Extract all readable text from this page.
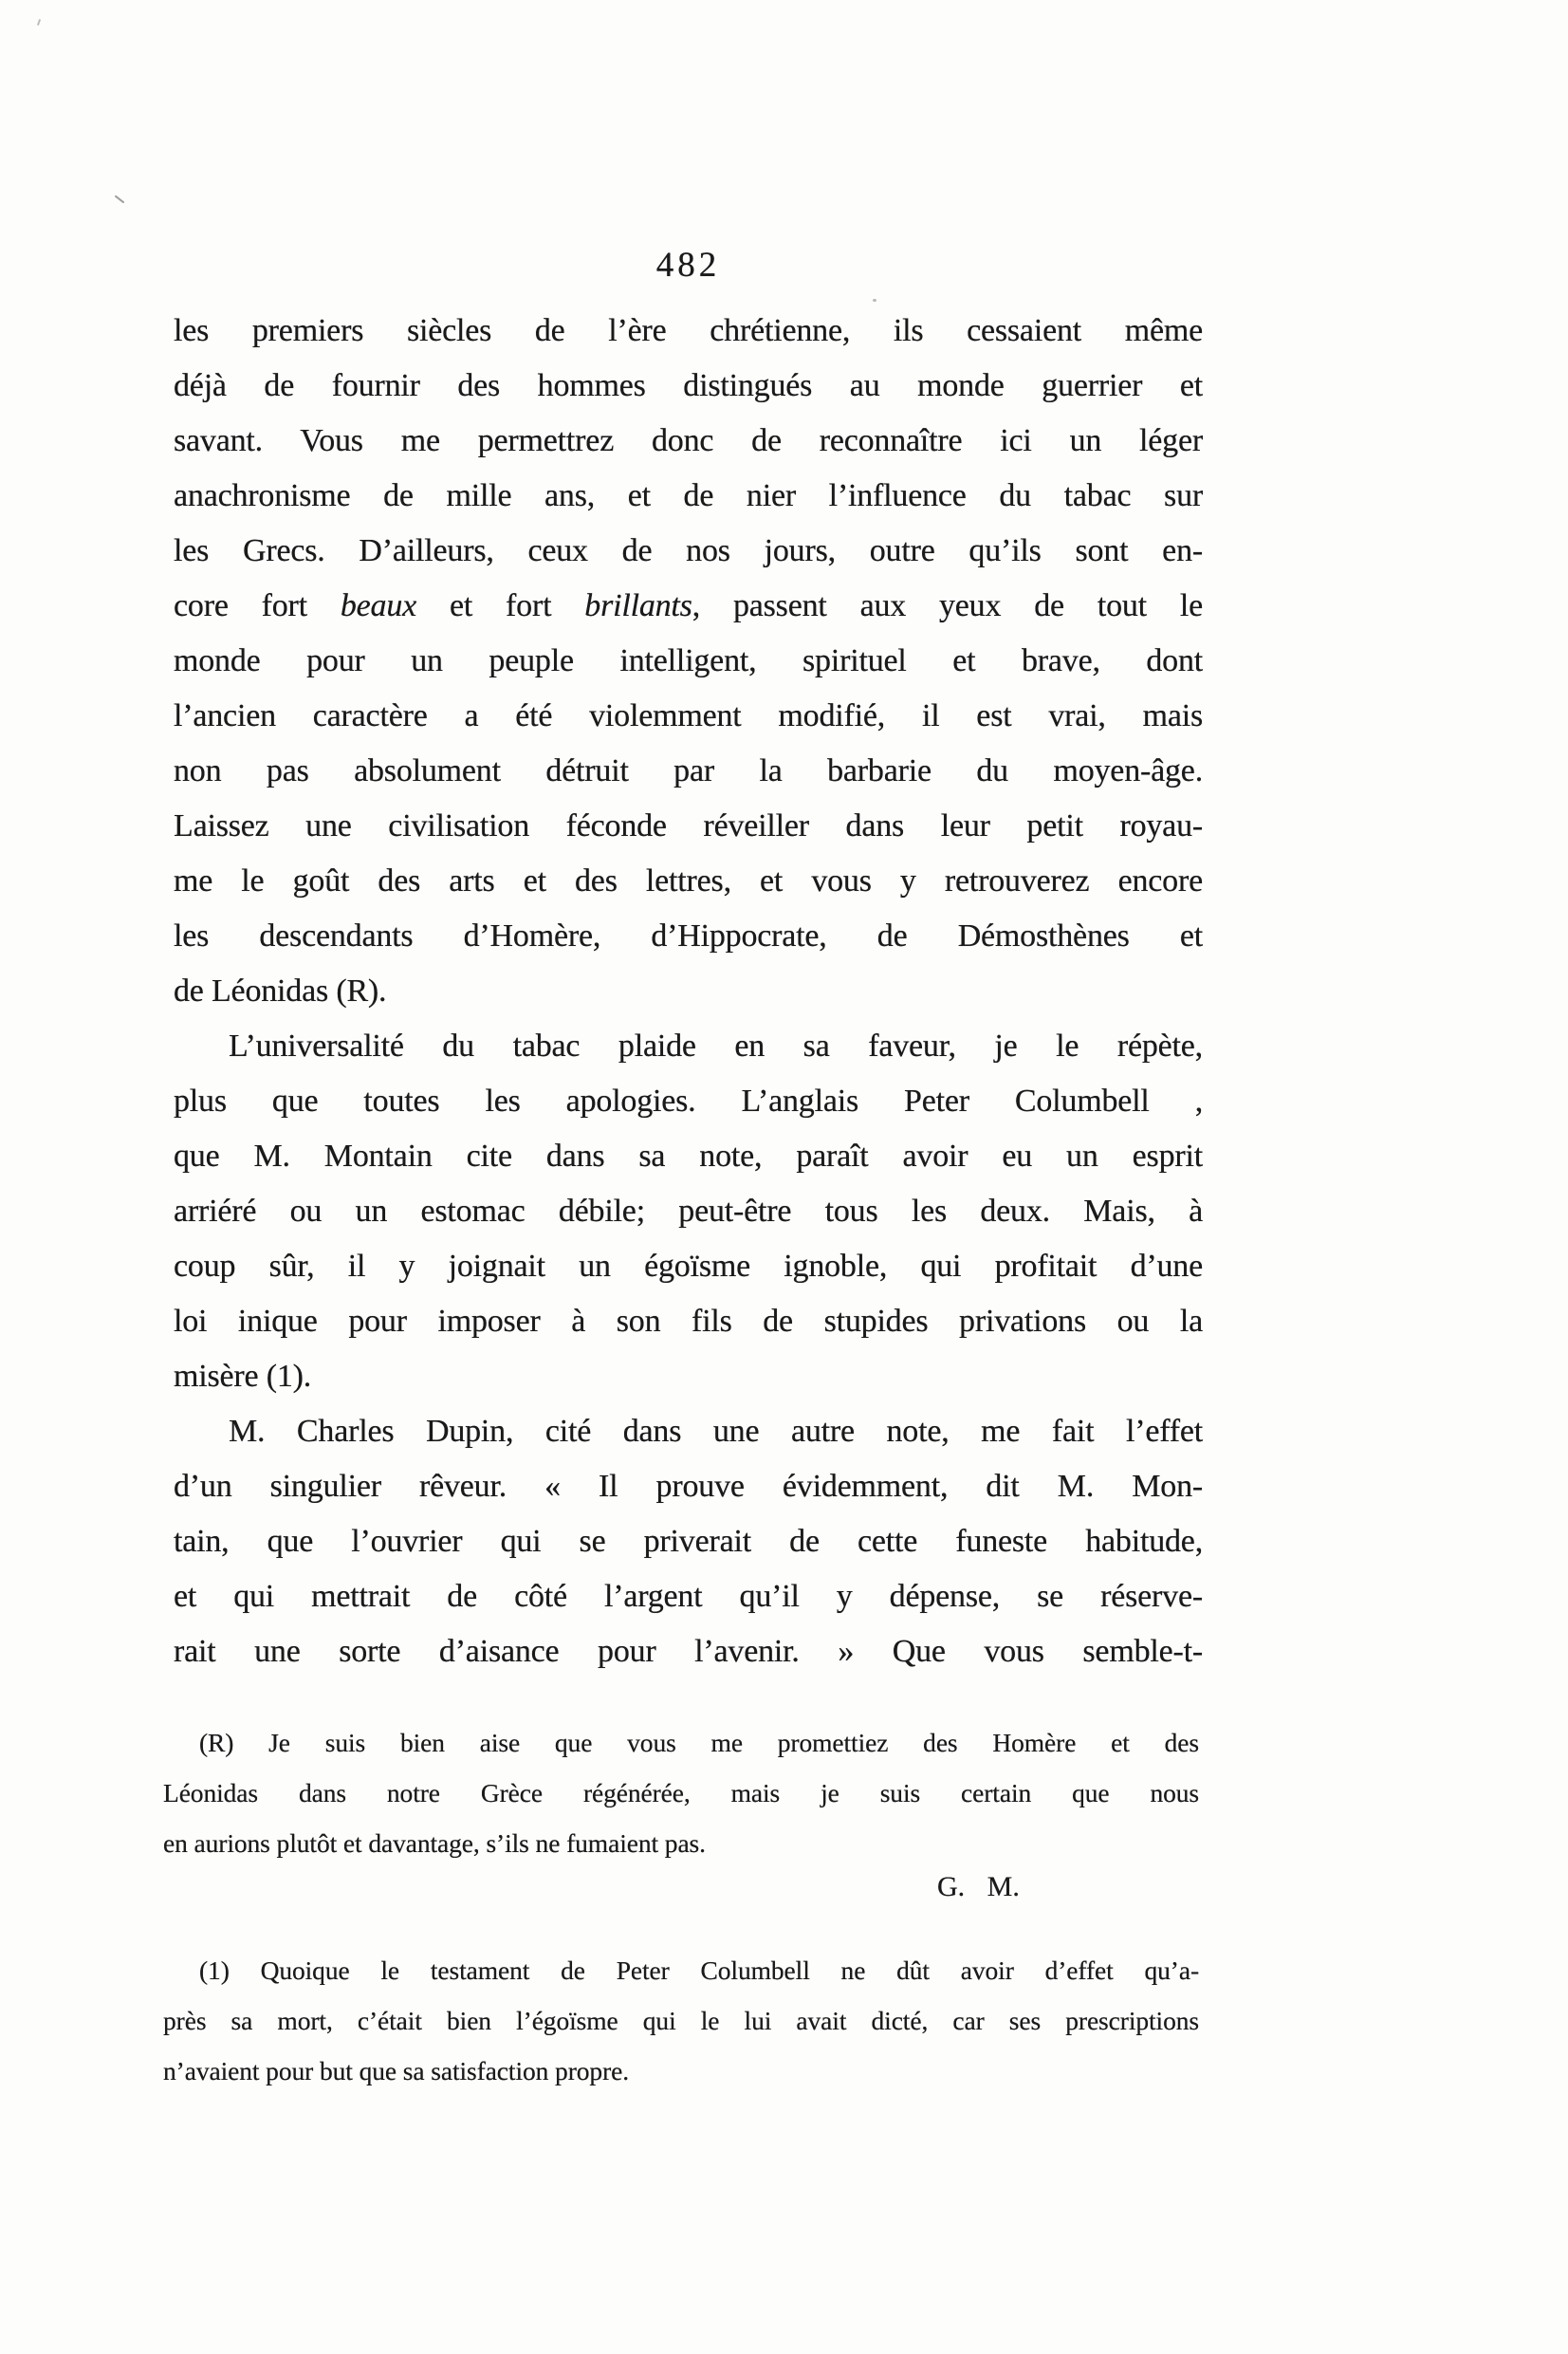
482
les premiers siècles de l’ère chrétienne, ils cessaient même
déjà de fournir des hommes distingués au monde guerrier et
savant. Vous me permettrez donc de reconnaître ici un léger
anachronisme de mille ans, et de nier l’influence du tabac sur
les Grecs. D’ailleurs, ceux de nos jours, outre qu’ils sont en-
core fort beaux et fort brillants, passent aux yeux de tout le
monde pour un peuple intelligent, spirituel et brave, dont
l’ancien caractère a été violemment modifié, il est vrai, mais
non pas absolument détruit par la barbarie du moyen-âge.
Laissez une civilisation féconde réveiller dans leur petit royau-
me le goût des arts et des lettres, et vous y retrouverez encore
les descendants d’Homère, d’Hippocrate, de Démosthènes et
de Léonidas (R).
L’universalité du tabac plaide en sa faveur, je le répète,
plus que toutes les apologies. L’anglais Peter Columbell ,
que M. Montain cite dans sa note, paraît avoir eu un esprit
arriéré ou un estomac débile; peut-être tous les deux. Mais, à
coup sûr, il y joignait un égoïsme ignoble, qui profitait d’une
loi inique pour imposer à son fils de stupides privations ou la
misère (1).
M. Charles Dupin, cité dans une autre note, me fait l’effet
d’un singulier rêveur. « Il prouve évidemment, dit M. Mon-
tain, que l’ouvrier qui se priverait de cette funeste habitude,
et qui mettrait de côté l’argent qu’il y dépense, se réserve-
rait une sorte d’aisance pour l’avenir. » Que vous semble-t-
(R) Je suis bien aise que vous me promettiez des Homère et des
Léonidas dans notre Grèce régénérée, mais je suis certain que nous
en aurions plutôt et davantage, s’ils ne fumaient pas.
G. M.
(1) Quoique le testament de Peter Columbell ne dût avoir d’effet qu’a-
près sa mort, c’était bien l’égoïsme qui le lui avait dicté, car ses prescriptions
n’avaient pour but que sa satisfaction propre.
